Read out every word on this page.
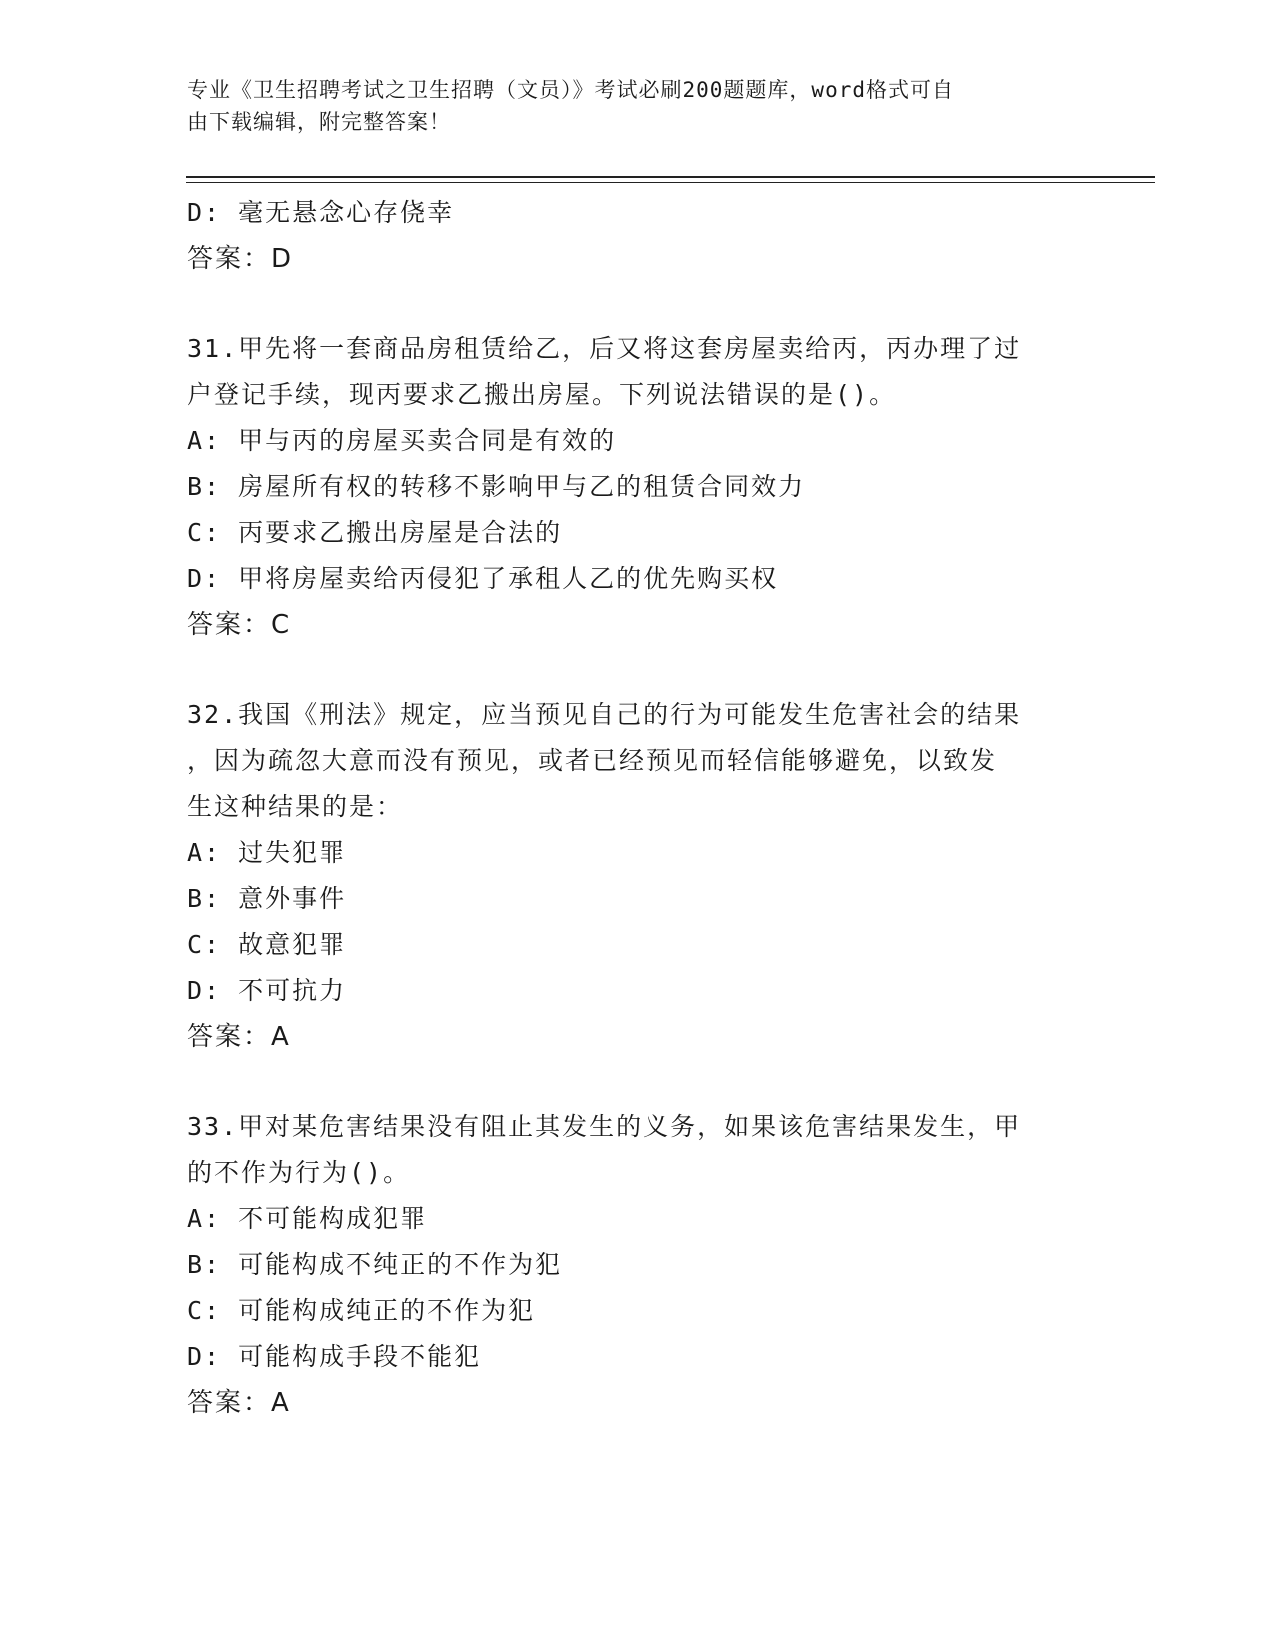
专业《卫生招聘考试之卫生招聘（文员）》考试必刷200题题库，word格式可自
由下载编辑，附完整答案！
D: 毫无悬念心存侥幸
答案：D
31.甲先将一套商品房租赁给乙，后又将这套房屋卖给丙，丙办理了过
户登记手续，现丙要求乙搬出房屋。下列说法错误的是()。
A: 甲与丙的房屋买卖合同是有效的
B: 房屋所有权的转移不影响甲与乙的租赁合同效力
C: 丙要求乙搬出房屋是合法的
D: 甲将房屋卖给丙侵犯了承租人乙的优先购买权
答案：C
32.我国《刑法》规定，应当预见自己的行为可能发生危害社会的结果
，因为疏忽大意而没有预见，或者已经预见而轻信能够避免，以致发
生这种结果的是：
A: 过失犯罪
B: 意外事件
C: 故意犯罪
D: 不可抗力
答案：A
33.甲对某危害结果没有阻止其发生的义务，如果该危害结果发生，甲
的不作为行为()。
A: 不可能构成犯罪
B: 可能构成不纯正的不作为犯
C: 可能构成纯正的不作为犯
D: 可能构成手段不能犯
答案：A
